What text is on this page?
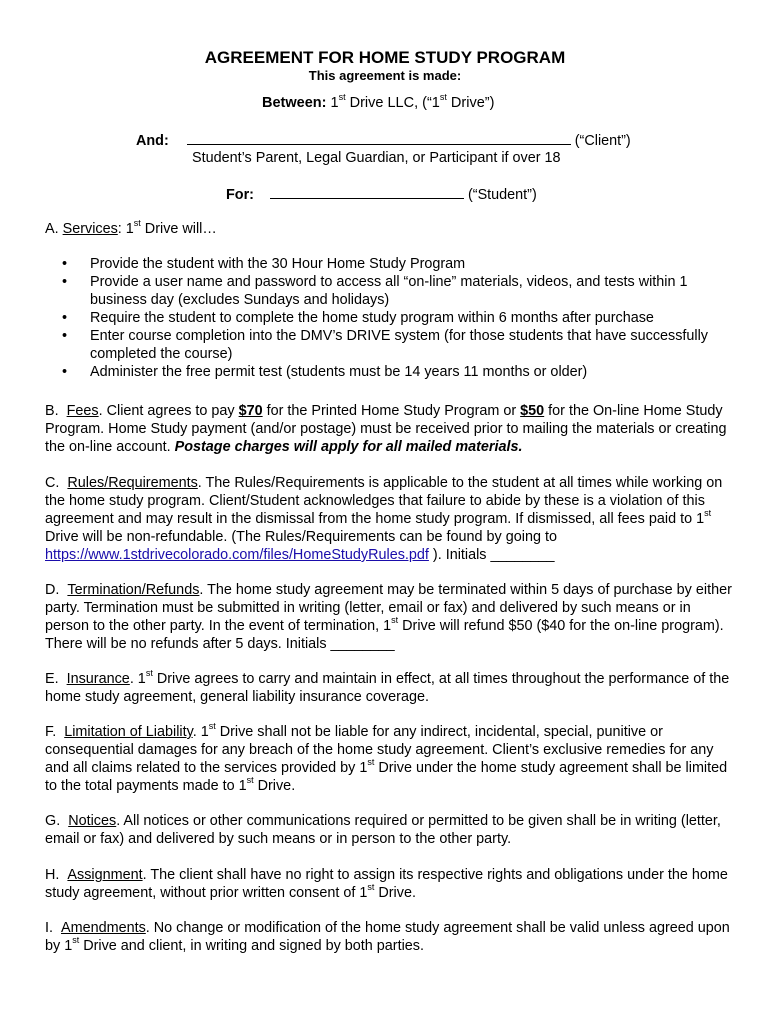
AGREEMENT FOR HOME STUDY PROGRAM
This agreement is made:
Between: 1st Drive LLC, (“1st Drive”)
And:	(“Client”)
Student’s Parent, Legal Guardian, or Participant if over 18
For:	(“Student”)
A. Services: 1st Drive will…
• Provide the student with the 30 Hour Home Study Program
• Provide a user name and password to access all “on-line” materials, videos, and tests within 1 business day (excludes Sundays and holidays)
• Require the student to complete the home study program within 6 months after purchase
• Enter course completion into the DMV’s DRIVE system (for those students that have successfully completed the course)
• Administer the free permit test (students must be 14 years 11 months or older)

B. Fees. Client agrees to pay $70 for the Printed Home Study Program or $50 for the On-line Home Study Program. Home Study payment (and/or postage) must be received prior to mailing the materials or creating the on-line account. Postage charges will apply for all mailed materials.

C. Rules/Requirements. The Rules/Requirements is applicable to the student at all times while working on the home study program. Client/Student acknowledges that failure to abide by these is a violation of this agreement and may result in the dismissal from the home study program. If dismissed, all fees paid to 1st Drive will be non-refundable. (The Rules/Requirements can be found by going to https://www.1stdrivecolorado.com/files/HomeStudyRules.pdf ). Initials ________

D. Termination/Refunds. The home study agreement may be terminated within 5 days of purchase by either party. Termination must be submitted in writing (letter, email or fax) and delivered by such means or in person to the other party. In the event of termination, 1st Drive will refund $50 ($40 for the on-line program). There will be no refunds after 5 days. Initials ________

E. Insurance. 1st Drive agrees to carry and maintain in effect, at all times throughout the performance of the home study agreement, general liability insurance coverage.

F. Limitation of Liability. 1st Drive shall not be liable for any indirect, incidental, special, punitive or consequential damages for any breach of the home study agreement. Client’s exclusive remedies for any and all claims related to the services provided by 1st Drive under the home study agreement shall be limited to the total payments made to 1st Drive.

G. Notices. All notices or other communications required or permitted to be given shall be in writing (letter, email or fax) and delivered by such means or in person to the other party.

H. Assignment. The client shall have no right to assign its respective rights and obligations under the home study agreement, without prior written consent of 1st Drive.

I. Amendments. No change or modification of the home study agreement shall be valid unless agreed upon by 1st Drive and client, in writing and signed by both parties.
